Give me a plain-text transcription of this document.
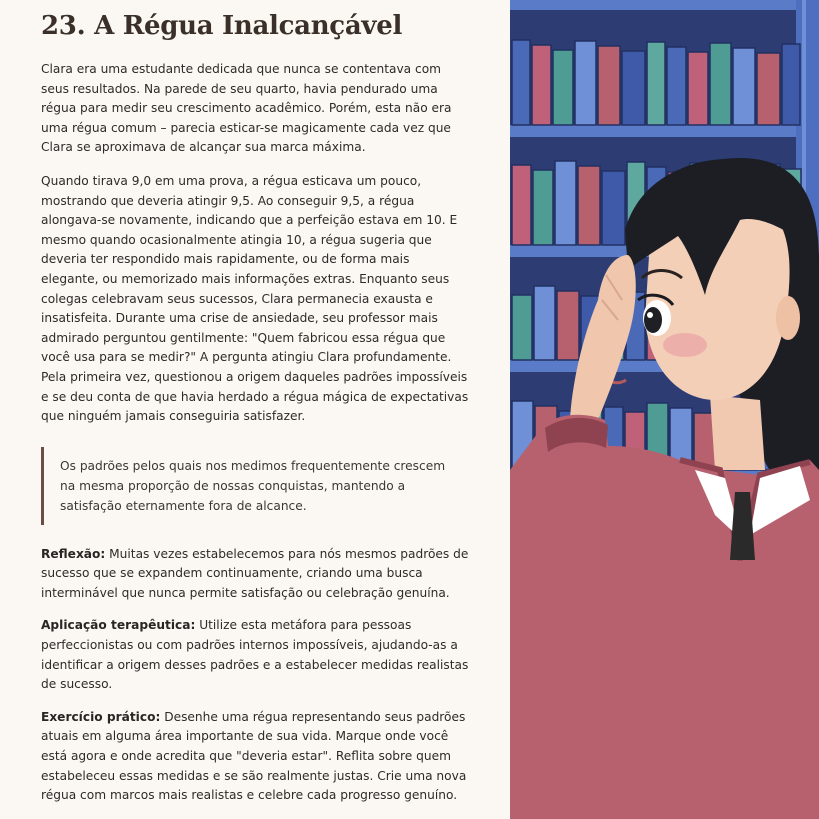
23. A Régua Inalcançável

Clara era uma estudante dedicada que nunca se contentava com seus resultados. Na parede de seu quarto, havia pendurado uma régua para medir seu crescimento acadêmico. Porém, esta não era uma régua comum – parecia esticar-se magicamente cada vez que Clara se aproximava de alcançar sua marca máxima.

Quando tirava 9,0 em uma prova, a régua esticava um pouco, mostrando que deveria atingir 9,5. Ao conseguir 9,5, a régua alongava-se novamente, indicando que a perfeição estava em 10. E mesmo quando ocasionalmente atingia 10, a régua sugeria que deveria ter respondido mais rapidamente, ou de forma mais elegante, ou memorizado mais informações extras. Enquanto seus colegas celebravam seus sucessos, Clara permanecia exausta e insatisfeita. Durante uma crise de ansiedade, seu professor mais admirado perguntou gentilmente: "Quem fabricou essa régua que você usa para se medir?" A pergunta atingiu Clara profundamente. Pela primeira vez, questionou a origem daqueles padrões impossíveis e se deu conta de que havia herdado a régua mágica de expectativas que ninguém jamais conseguiria satisfazer.

Os padrões pelos quais nos medimos frequentemente crescem na mesma proporção de nossas conquistas, mantendo a satisfação eternamente fora de alcance.

Reflexão: Muitas vezes estabelecemos para nós mesmos padrões de sucesso que se expandem continuamente, criando uma busca interminável que nunca permite satisfação ou celebração genuína.

Aplicação terapêutica: Utilize esta metáfora para pessoas perfeccionistas ou com padrões internos impossíveis, ajudando-as a identificar a origem desses padrões e a estabelecer medidas realistas de sucesso.

Exercício prático: Desenhe uma régua representando seus padrões atuais em alguma área importante de sua vida. Marque onde você está agora e onde acredita que "deveria estar". Reflita sobre quem estabeleceu essas medidas e se são realmente justas. Crie uma nova régua com marcos mais realistas e celebre cada progresso genuíno.
